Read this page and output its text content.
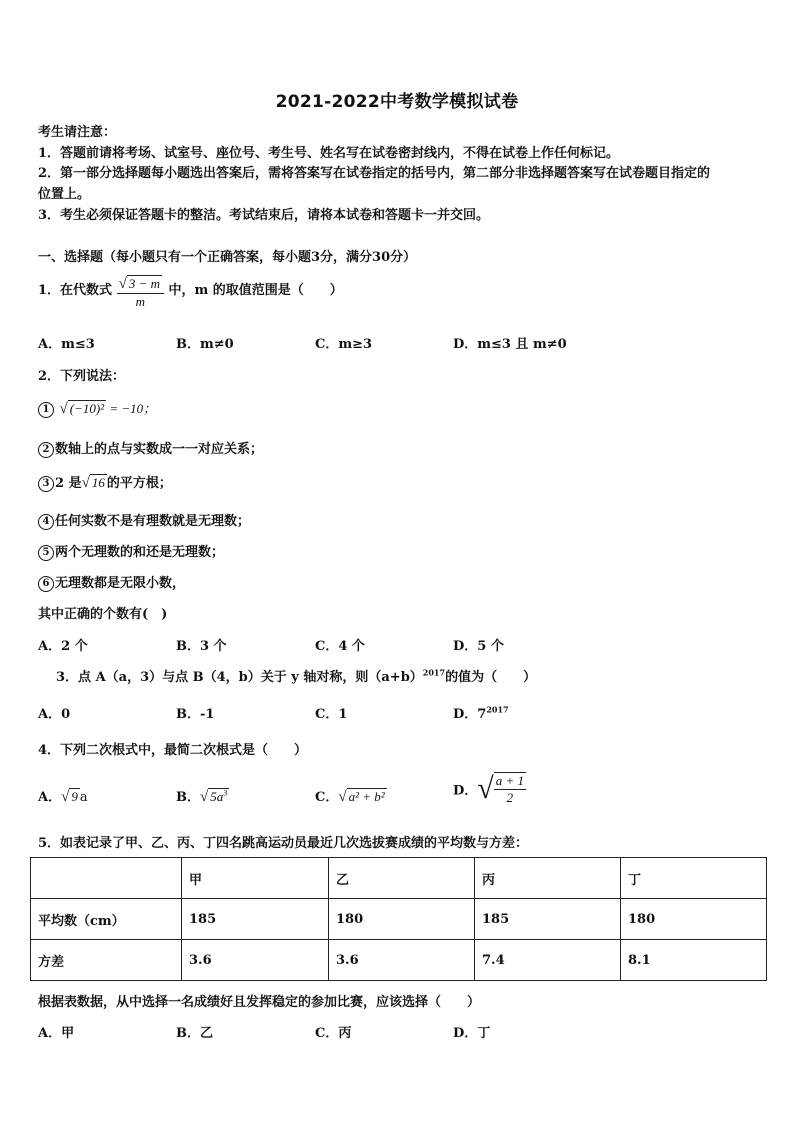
2021-2022中考数学模拟试卷
考生请注意：
1．答题前请将考场、试室号、座位号、考生号、姓名写在试卷密封线内，不得在试卷上作任何标记。
2．第一部分选择题每小题选出答案后，需将答案写在试卷指定的括号内，第二部分非选择题答案写在试卷题目指定的
位置上。
3．考生必须保证答题卡的整洁。考试结束后，请将本试卷和答题卡一并交回。
一、选择题（每小题只有一个正确答案，每小题3分，满分30分）
1．在代数式 $\frac{√ 3 - m}{m}$ 中，m 的取值范围是（　　）
A．m≤3	B．m≠0	C．m≥3	D．m≤3 且 m≠0
2．下列说法：
1 √ (−10)² = −10；
2 数轴上的点与实数成一一对应关系；
3 2 是√ 16 的平方根；
4 任何实数不是有理数就是无理数；
5 两个无理数的和还是无理数；
6 无理数都是无限小数，
其中正确的个数有(　)
A．2 个	B．3 个	C．4 个	D．5 个
3．点 A（a，3）与点 B（4，b）关于 y 轴对称，则$(a+b)^{2017}$的值为（　　）
A．0	B．-1	C．1	D．$7^{2017}$
4．下列二次根式中，最简二次根式是（　　）
A．√ 9 a	B．√ $5a^3$	C．√ a² + b²	D．√ $\frac{a + 1}{2}$
5．如表记录了甲、乙、丙、丁四名跳高运动员最近几次选拔赛成绩的平均数与方差：
	甲	乙	丙	丁
平均数（cm）	185	180	185	180
方差	3.6	3.6	7.4	8.1
根据表数据，从中选择一名成绩好且发挥稳定的参加比赛，应该选择（　　）
A．甲	B．乙	C．丙	D．丁
